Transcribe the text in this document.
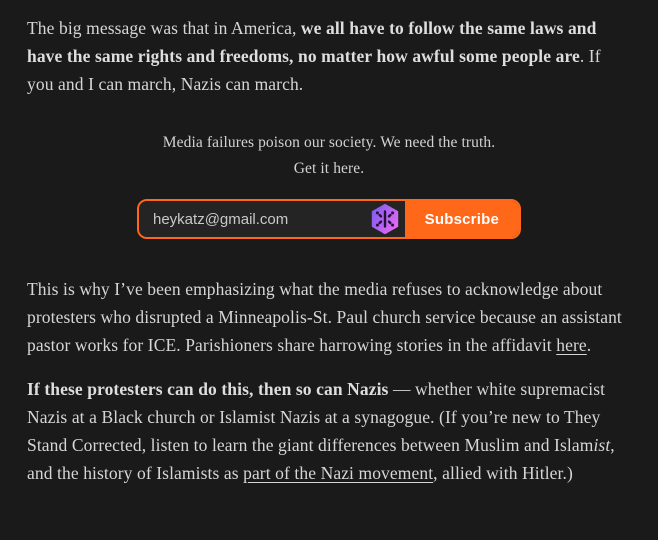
The big message was that in America, we all have to follow the same laws and have the same rights and freedoms, no matter how awful some people are. If you and I can march, Nazis can march.

Media failures poison our society. We need the truth.
Get it here.
heykatz@gmail.com
Subscribe

This is why I’ve been emphasizing what the media refuses to acknowledge about protesters who disrupted a Minneapolis-St. Paul church service because an assistant pastor works for ICE. Parishioners share harrowing stories in the affidavit here.

If these protesters can do this, then so can Nazis — whether white supremacist Nazis at a Black church or Islamist Nazis at a synagogue. (If you’re new to They Stand Corrected, listen to learn the giant differences between Muslim and Islamist, and the history of Islamists as part of the Nazi movement, allied with Hitler.)
